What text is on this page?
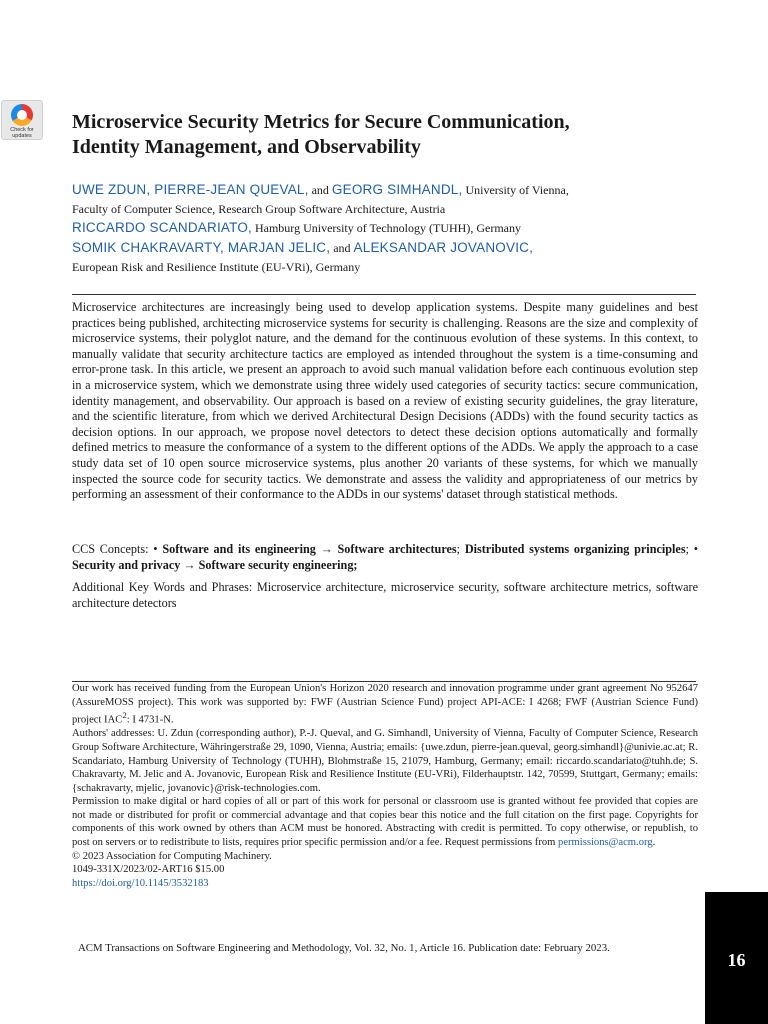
Check for
updates
Microservice Security Metrics for Secure Communication,
Identity Management, and Observability
UWE ZDUN, PIERRE-JEAN QUEVAL, and GEORG SIMHANDL, University of Vienna,
Faculty of Computer Science, Research Group Software Architecture, Austria
RICCARDO SCANDARIATO, Hamburg University of Technology (TUHH), Germany
SOMIK CHAKRAVARTY, MARJAN JELIC, and ALEKSANDAR JOVANOVIC,
European Risk and Resilience Institute (EU-VRi), Germany

Microservice architectures are increasingly being used to develop application systems. Despite many guidelines and best practices being published, architecting microservice systems for security is challenging. Reasons are the size and complexity of microservice systems, their polyglot nature, and the demand for the continuous evolution of these systems. In this context, to manually validate that security architecture tactics are employed as intended throughout the system is a time-consuming and error-prone task. In this article, we present an approach to avoid such manual validation before each continuous evolution step in a microservice system, which we demonstrate using three widely used categories of security tactics: secure communication, identity management, and observability. Our approach is based on a review of existing security guidelines, the gray literature, and the scientific literature, from which we derived Architectural Design Decisions (ADDs) with the found security tactics as decision options. In our approach, we propose novel detectors to detect these decision options automatically and formally defined metrics to measure the conformance of a system to the different options of the ADDs. We apply the approach to a case study data set of 10 open source microservice systems, plus another 20 variants of these systems, for which we manually inspected the source code for security tactics. We demonstrate and assess the validity and appropriateness of our metrics by performing an assessment of their conformance to the ADDs in our systems' dataset through statistical methods.

CCS Concepts: • Software and its engineering → Software architectures; Distributed systems organizing principles; • Security and privacy → Software security engineering;

Additional Key Words and Phrases: Microservice architecture, microservice security, software architecture metrics, software architecture detectors

Our work has received funding from the European Union's Horizon 2020 research and innovation programme under grant agreement No 952647 (AssureMOSS project). This work was supported by: FWF (Austrian Science Fund) project API-ACE: I 4268; FWF (Austrian Science Fund) project IAC$^2$: I 4731-N.

Authors' addresses: U. Zdun (corresponding author), P.-J. Queval, and G. Simhandl, University of Vienna, Faculty of Computer Science, Research Group Software Architecture, Währingerstraße 29, 1090, Vienna, Austria; emails: {uwe.zdun, pierre-jean.queval, georg.simhandl}@univie.ac.at; R. Scandariato, Hamburg University of Technology (TUHH), Blohmstraße 15, 21079, Hamburg, Germany; email: riccardo.scandariato@tuhh.de; S. Chakravarty, M. Jelic and A. Jovanovic, European Risk and Resilience Institute (EU-VRi), Filderhauptstr. 142, 70599, Stuttgart, Germany; emails: {schakravarty, mjelic, jovanovic}@risk-technologies.com.

Permission to make digital or hard copies of all or part of this work for personal or classroom use is granted without fee provided that copies are not made or distributed for profit or commercial advantage and that copies bear this notice and the full citation on the first page. Copyrights for components of this work owned by others than ACM must be honored. Abstracting with credit is permitted. To copy otherwise, or republish, to post on servers or to redistribute to lists, requires prior specific permission and/or a fee. Request permissions from permissions@acm.org.

© 2023 Association for Computing Machinery.

1049-331X/2023/02-ART16 $15.00

https://doi.org/10.1145/3532183

ACM Transactions on Software Engineering and Methodology, Vol. 32, No. 1, Article 16. Publication date: February 2023.

16
